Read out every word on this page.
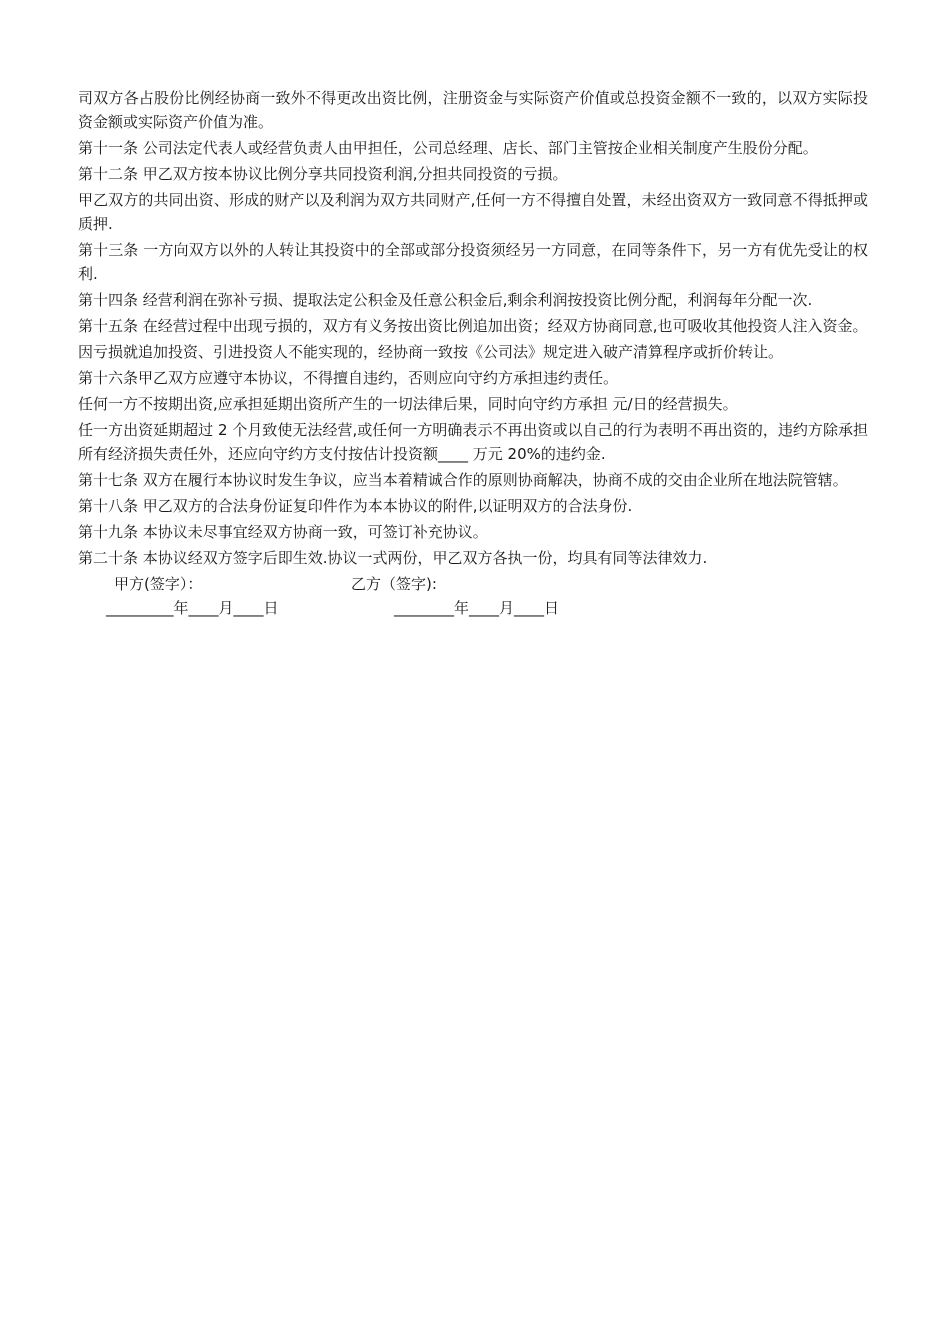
司双方各占股份比例经协商一致外不得更改出资比例，注册资金与实际资产价值或总投资金额不一致的，以双方实际投资金额或实际资产价值为准。

第十一条 公司法定代表人或经营负责人由甲担任，公司总经理、店长、部门主管按企业相关制度产生股份分配。

第十二条 甲乙双方按本协议比例分享共同投资利润,分担共同投资的亏损。

甲乙双方的共同出资、形成的财产以及利润为双方共同财产,任何一方不得擅自处置，未经出资双方一致同意不得抵押或质押.

第十三条 一方向双方以外的人转让其投资中的全部或部分投资须经另一方同意，在同等条件下，另一方有优先受让的权利.

第十四条 经营利润在弥补亏损、提取法定公积金及任意公积金后,剩余利润按投资比例分配，利润每年分配一次.

第十五条 在经营过程中出现亏损的，双方有义务按出资比例追加出资；经双方协商同意,也可吸收其他投资人注入资金。

因亏损就追加投资、引进投资人不能实现的，经协商一致按《公司法》规定进入破产清算程序或折价转让。

第十六条甲乙双方应遵守本协议，不得擅自违约，否则应向守约方承担违约责任。

任何一方不按期出资,应承担延期出资所产生的一切法律后果，同时向守约方承担 元/日的经营损失。

任一方出资延期超过 2 个月致使无法经营,或任何一方明确表示不再出资或以自己的行为表明不再出资的，违约方除承担所有经济损失责任外，还应向守约方支付按估计投资额____ 万元 20%的违约金.

第十七条 双方在履行本协议时发生争议，应当本着精诚合作的原则协商解决，协商不成的交由企业所在地法院管辖。

第十八条 甲乙双方的合法身份证复印件作为本本协议的附件,以证明双方的合法身份.

第十九条 本协议未尽事宜经双方协商一致，可签订补充协议。

第二十条 本协议经双方签字后即生效.协议一式两份，甲乙双方各执一份，均具有同等法律效力.

甲方(签字）：	乙方（签字):
_________年____月____日	________年____月____日
